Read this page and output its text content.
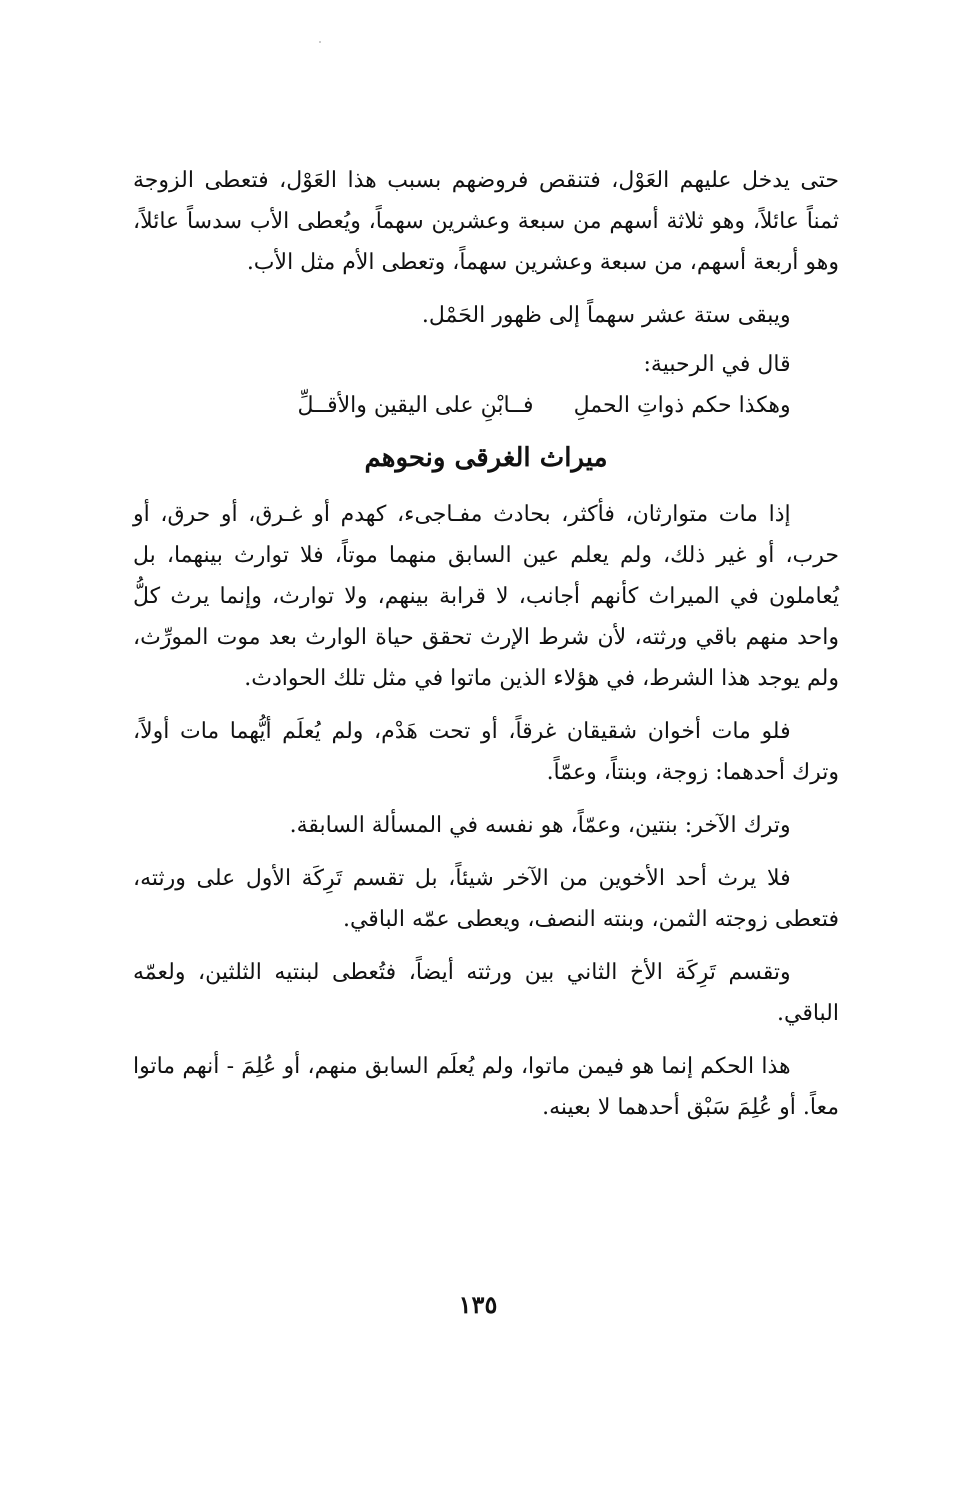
حتى يدخل عليهم العَوْل، فتنقص فروضهم بسبب هذا العَوْل، فتعطى الزوجة ثمناً عائلاً، وهو ثلاثة أسهم من سبعة وعشرين سهماً، ويُعطى الأب سدساً عائلاً، وهو أربعة أسهم، من سبعة وعشرين سهماً، وتعطى الأم مثل الأب.

ويبقى ستة عشر سهماً إلى ظهور الحَمْل.

قال في الرحبية:

وهكذا حكم ذواتِ الحملِ
فــابْنِ على اليقين والأقــلِّ
ميراث الغرقى ونحوهم

إذا مات متوارثان، فأكثر، بحادث مفـاجىء، كهدم أو غـرق، أو حرق، أو حرب، أو غير ذلك، ولم يعلم عين السابق منهما موتاً، فلا توارث بينهما، بل يُعاملون في الميراث كأنهم أجانب، لا قرابة بينهم، ولا توارث، وإنما يرث كلُّ واحد منهم باقي ورثته، لأن شرط الإرث تحقق حياة الوارث بعد موت المورِّث، ولم يوجد هذا الشرط، في هؤلاء الذين ماتوا في مثل تلك الحوادث.

فلو مات أخوان شقيقان غرقاً، أو تحت هَدْم، ولم يُعلَم أيُّهما مات أولاً، وترك أحدهما: زوجة، وبنتاً، وعمّاً.

وترك الآخر: بنتين، وعمّاً، هو نفسه في المسألة السابقة.

فلا يرث أحد الأخوين من الآخر شيئاً، بل تقسم تَرِكَة الأول على ورثته، فتعطى زوجته الثمن، وبنته النصف، ويعطى عمّه الباقي.

وتقسم تَرِكَة الأخ الثاني بين ورثته أيضاً، فتُعطى لبنتيه الثلثين، ولعمّه الباقي.

هذا الحكم إنما هو فيمن ماتوا، ولم يُعلَم السابق منهم، أو عُلِمَ - أنهم ماتوا معاً. أو عُلِمَ سَبْق أحدهما لا بعينه.

١٣٥
